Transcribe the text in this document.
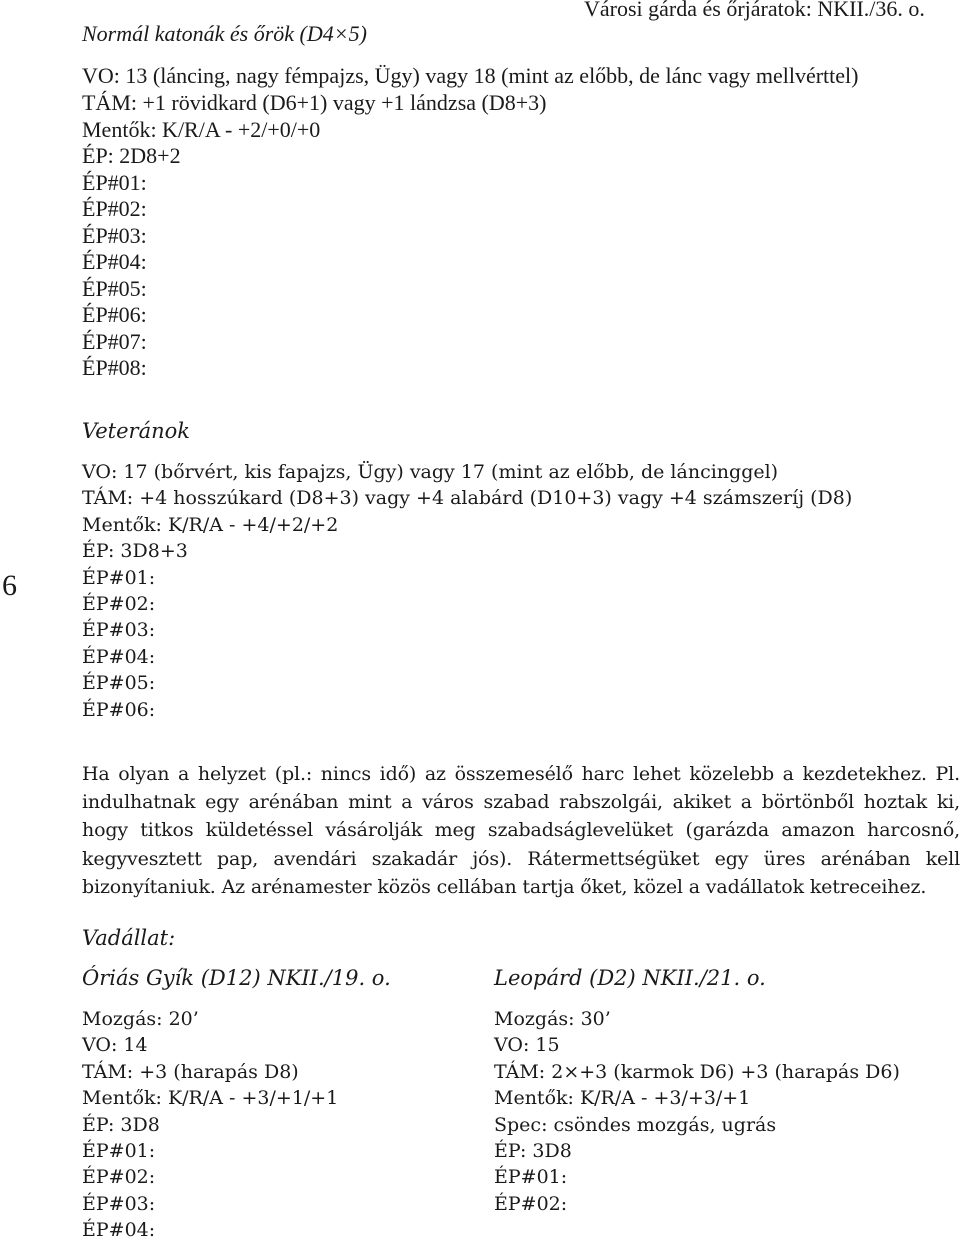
Városi gárda és őrjáratok: NKII./36. o.
Normál katonák és őrök (D4×5)
VO: 13 (láncing, nagy fémpajzs, Ügy) vagy 18 (mint az előbb, de lánc vagy mellvérttel)
TÁM: +1 rövidkard (D6+1) vagy +1 lándzsa (D8+3)
Mentők: K/R/A - +2/+0/+0
ÉP: 2D8+2
ÉP#01:
ÉP#02:
ÉP#03:
ÉP#04:
ÉP#05:
ÉP#06:
ÉP#07:
ÉP#08:
Veteránok
VO: 17 (bőrvért, kis fapajzs, Ügy) vagy 17 (mint az előbb, de láncinggel)
TÁM: +4 hosszúkard (D8+3) vagy +4 alabárd (D10+3) vagy +4 számszeríj (D8)
Mentők: K/R/A - +4/+2/+2
ÉP: 3D8+3
ÉP#01:
ÉP#02:
ÉP#03:
ÉP#04:
ÉP#05:
ÉP#06:
6
Ha olyan a helyzet (pl.: nincs idő) az összemesélő harc lehet közelebb a kezdetekhez. Pl. indulhatnak egy arénában mint a város szabad rabszolgái, akiket a börtönből hoztak ki, hogy titkos küldetéssel vásárolják meg szabadságlevelüket (garázda amazon harcosnő, kegyvesztett pap, avendári szakadár jós). Rátermettségüket egy üres arénában kell bizonyítaniuk. Az arénamester közös cellában tartja őket, közel a vadállatok ketreceihez.
Vadállat:
Óriás Gyík (D12) NKII./19. o.
Mozgás: 20’
VO: 14
TÁM: +3 (harapás D8)
Mentők: K/R/A - +3/+1/+1
ÉP: 3D8
ÉP#01:
ÉP#02:
ÉP#03:
ÉP#04:
Leopárd (D2) NKII./21. o.
Mozgás: 30’
VO: 15
TÁM: 2×+3 (karmok D6) +3 (harapás D6)
Mentők: K/R/A - +3/+3/+1
Spec: csöndes mozgás, ugrás
ÉP: 3D8
ÉP#01:
ÉP#02:
